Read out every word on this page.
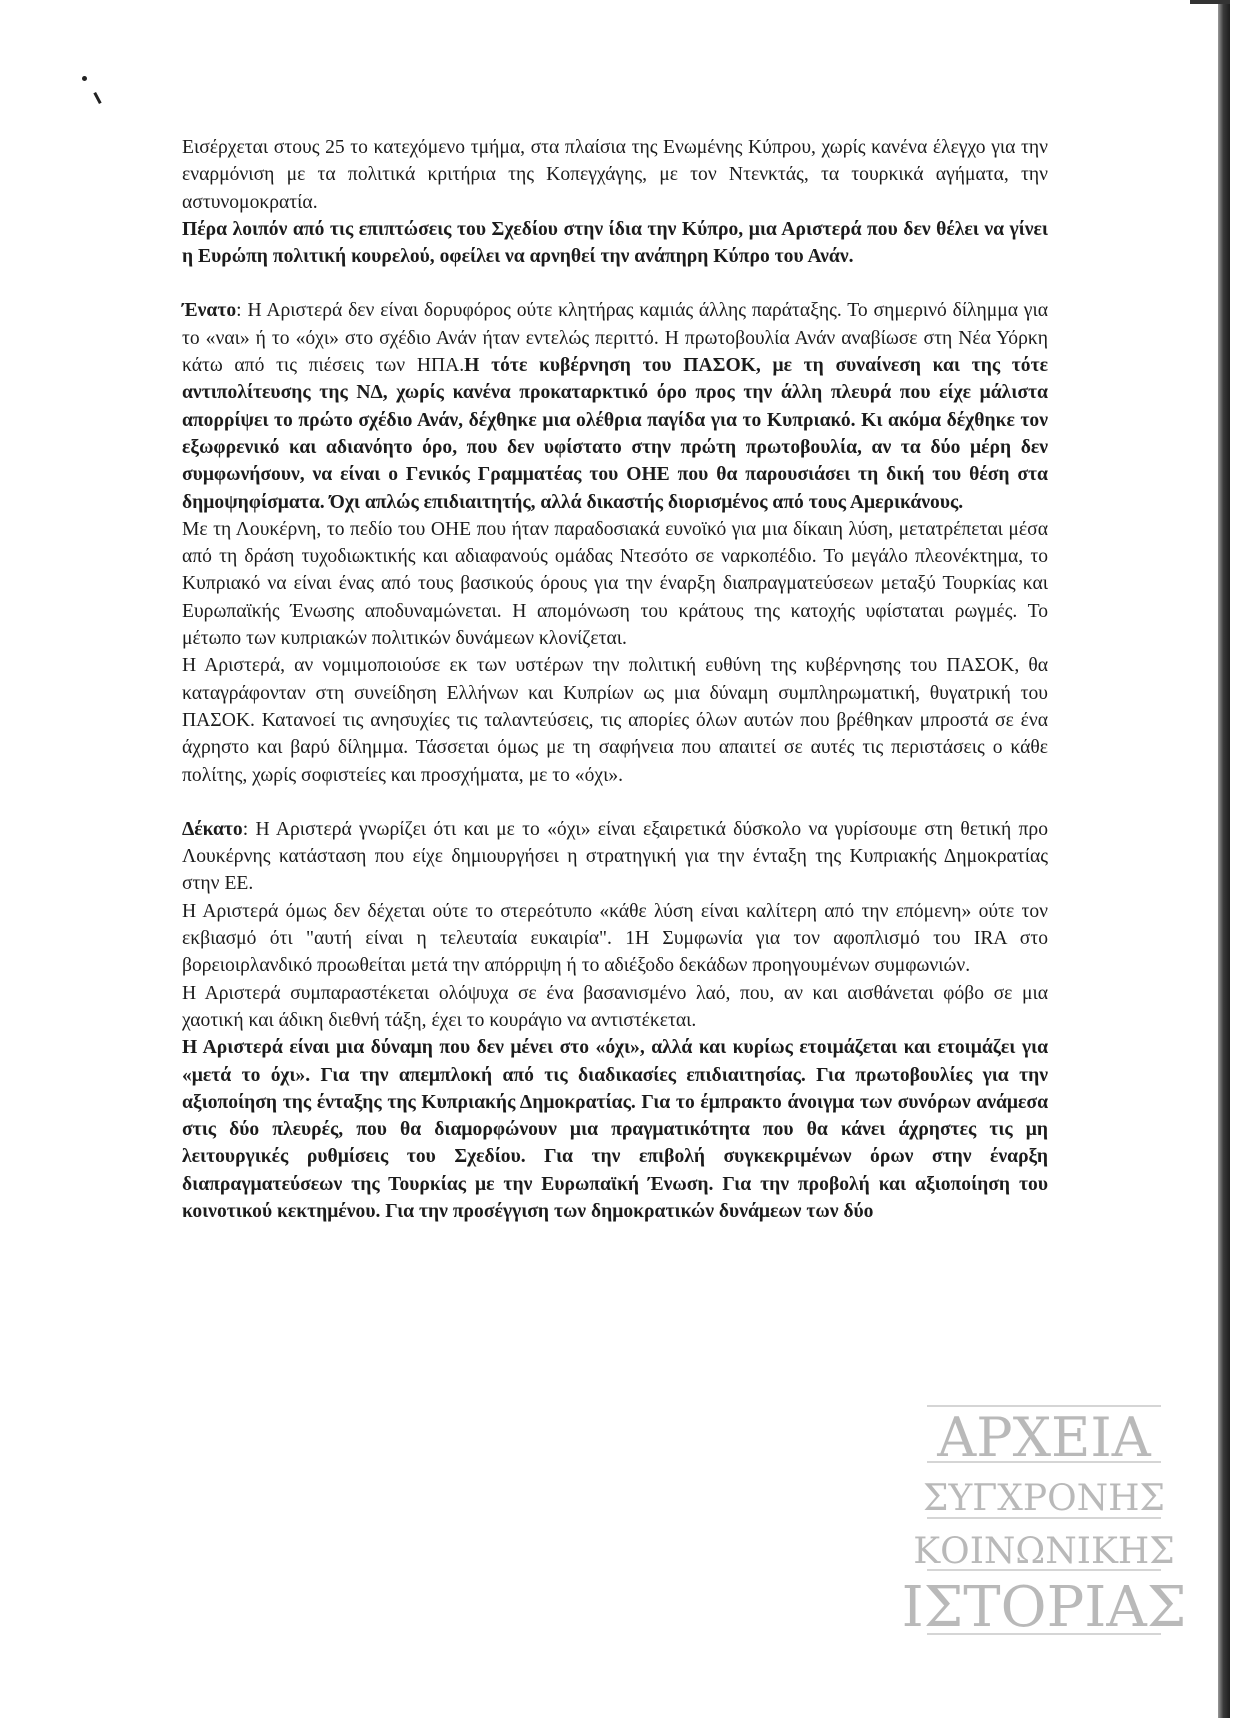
Εισέρχεται στους 25 το κατεχόμενο τμήμα, στα πλαίσια της Ενωμένης Κύπρου, χωρίς κανένα έλεγχο για την εναρμόνιση με τα πολιτικά κριτήρια της Κοπεγχάγης, με τον Ντενκτάς, τα τουρκικά αγήματα, την αστυνομοκρατία.

Πέρα λοιπόν από τις επιπτώσεις του Σχεδίου στην ίδια την Κύπρο, μια Αριστερά που δεν θέλει να γίνει η Ευρώπη πολιτική κουρελού, οφείλει να αρνηθεί την ανάπηρη Κύπρο του Ανάν.

Ένατο: Η Αριστερά δεν είναι δορυφόρος ούτε κλητήρας καμιάς άλλης παράταξης. Το σημερινό δίλημμα για το «ναι» ή το «όχι» στο σχέδιο Ανάν ήταν εντελώς περιττό. Η πρωτοβουλία Ανάν αναβίωσε στη Νέα Υόρκη κάτω από τις πιέσεις των ΗΠΑ.Η τότε κυβέρνηση του ΠΑΣΟΚ, με τη συναίνεση και της τότε αντιπολίτευσης της ΝΔ, χωρίς κανένα προκαταρκτικό όρο προς την άλλη πλευρά που είχε μάλιστα απορρίψει το πρώτο σχέδιο Ανάν, δέχθηκε μια ολέθρια παγίδα για το Κυπριακό. Κι ακόμα δέχθηκε τον εξωφρενικό και αδιανόητο όρο, που δεν υφίστατο στην πρώτη πρωτοβουλία, αν τα δύο μέρη δεν συμφωνήσουν, να είναι ο Γενικός Γραμματέας του ΟΗΕ που θα παρουσιάσει τη δική του θέση στα δημοψηφίσματα. Όχι απλώς επιδιαιτητής, αλλά δικαστής διορισμένος από τους Αμερικάνους.

Με τη Λουκέρνη, το πεδίο του ΟΗΕ που ήταν παραδοσιακά ευνοϊκό για μια δίκαιη λύση, μετατρέπεται μέσα από τη δράση τυχοδιωκτικής και αδιαφανούς ομάδας Ντεσότο σε ναρκοπέδιο. Το μεγάλο πλεονέκτημα, το Κυπριακό να είναι ένας από τους βασικούς όρους για την έναρξη διαπραγματεύσεων μεταξύ Τουρκίας και Ευρωπαϊκής Ένωσης αποδυναμώνεται. Η απομόνωση του κράτους της κατοχής υφίσταται ρωγμές. Το μέτωπο των κυπριακών πολιτικών δυνάμεων κλονίζεται.

Η Αριστερά, αν νομιμοποιούσε εκ των υστέρων την πολιτική ευθύνη της κυβέρνησης του ΠΑΣΟΚ, θα καταγράφονταν στη συνείδηση Ελλήνων και Κυπρίων ως μια δύναμη συμπληρωματική, θυγατρική του ΠΑΣΟΚ. Κατανοεί τις ανησυχίες τις ταλαντεύσεις, τις απορίες όλων αυτών που βρέθηκαν μπροστά σε ένα άχρηστο και βαρύ δίλημμα. Τάσσεται όμως με τη σαφήνεια που απαιτεί σε αυτές τις περιστάσεις ο κάθε πολίτης, χωρίς σοφιστείες και προσχήματα, με το «όχι».

Δέκατο: Η Αριστερά γνωρίζει ότι και με το «όχι» είναι εξαιρετικά δύσκολο να γυρίσουμε στη θετική προ Λουκέρνης κατάσταση που είχε δημιουργήσει η στρατηγική για την ένταξη της Κυπριακής Δημοκρατίας στην ΕΕ.

Η Αριστερά όμως δεν δέχεται ούτε το στερεότυπο «κάθε λύση είναι καλίτερη από την επόμενη» ούτε τον εκβιασμό ότι "αυτή είναι η τελευταία ευκαιρία". 1Η Συμφωνία για τον αφοπλισμό του IRA στο βορειοιρλανδικό προωθείται μετά την απόρριψη ή το αδιέξοδο δεκάδων προηγουμένων συμφωνιών.

Η Αριστερά συμπαραστέκεται ολόψυχα σε ένα βασανισμένο λαό, που, αν και αισθάνεται φόβο σε μια χαοτική και άδικη διεθνή τάξη, έχει το κουράγιο να αντιστέκεται.

Η Αριστερά είναι μια δύναμη που δεν μένει στο «όχι», αλλά και κυρίως ετοιμάζεται και ετοιμάζει για «μετά το όχι». Για την απεμπλοκή από τις διαδικασίες επιδιαιτησίας. Για πρωτοβουλίες για την αξιοποίηση της ένταξης της Κυπριακής Δημοκρατίας. Για το έμπρακτο άνοιγμα των συνόρων ανάμεσα στις δύο πλευρές, που θα διαμορφώνουν μια πραγματικότητα που θα κάνει άχρηστες τις μη λειτουργικές ρυθμίσεις του Σχεδίου. Για την επιβολή συγκεκριμένων όρων στην έναρξη διαπραγματεύσεων της Τουρκίας με την Ευρωπαϊκή Ένωση. Για την προβολή και αξιοποίηση του κοινοτικού κεκτημένου. Για την προσέγγιση των δημοκρατικών δυνάμεων των δύο

ΑΡΧΕΙΑ
ΣΥΓΧΡΟΝΗΣ
ΚΟΙΝΩΝΙΚΗΣ
ΙΣΤΟΡΙΑΣ
